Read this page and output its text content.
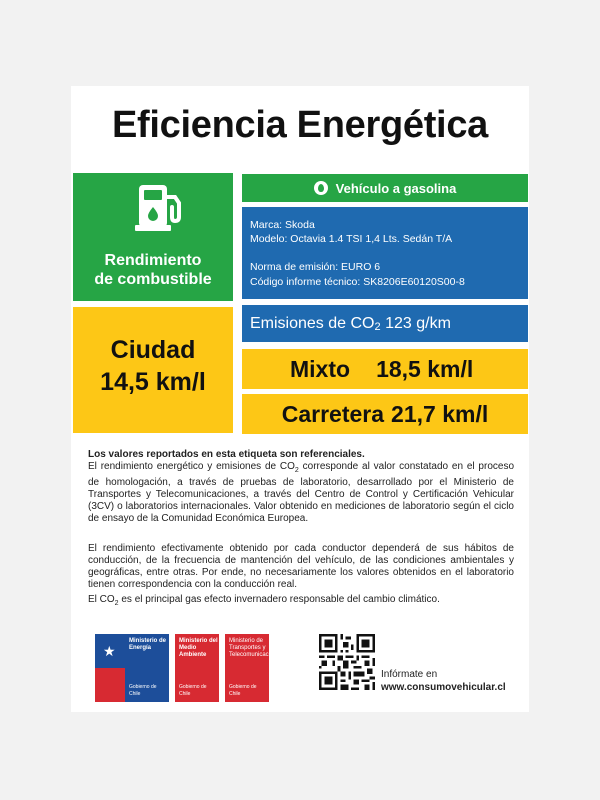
Eficiencia Energética
Rendimiento
de combustible
Ciudad
14,5 km/l
Vehículo a gasolina
Marca: Skoda
Modelo: Octavia 1.4 TSI 1,4 Lts. Sedán T/A
Norma de emisión: EURO 6
Código informe técnico: SK8206E60120S00-8
Emisiones de $CO_2$ 123 g/km
Mixto 18,5 km/l
Carretera 21,7 km/l

Los valores reportados en esta etiqueta son referenciales.

El rendimiento energético y emisiones de $CO_2$ corresponde al valor constatado en el proceso de homologación, a través de pruebas de laboratorio, desarrollado por el Ministerio de Transportes y Telecomunicaciones, a través del Centro de Control y Certificación Vehicular (3CV) o laboratorios internacionales. Valor obtenido en mediciones de laboratorio según el ciclo de ensayo de la Comunidad Económica Europea.

El rendimiento efectivamente obtenido por cada conductor dependerá de sus hábitos de conducción, de la frecuencia de mantención del vehículo, de las condiciones ambientales y geográficas, entre otras. Por ende, no necesariamente los valores obtenidos en el laboratorio tienen correspondencia con la conducción real.

El $CO_2$ es el principal gas efecto invernadero responsable del cambio climático.

★
Ministerio de Energía
Gobierno de Chile
Ministerio del Medio Ambiente
Gobierno de Chile
Ministerio de Transportes y Telecomunicaciones
Gobierno de Chile
Infórmate en
www.consumovehicular.cl
